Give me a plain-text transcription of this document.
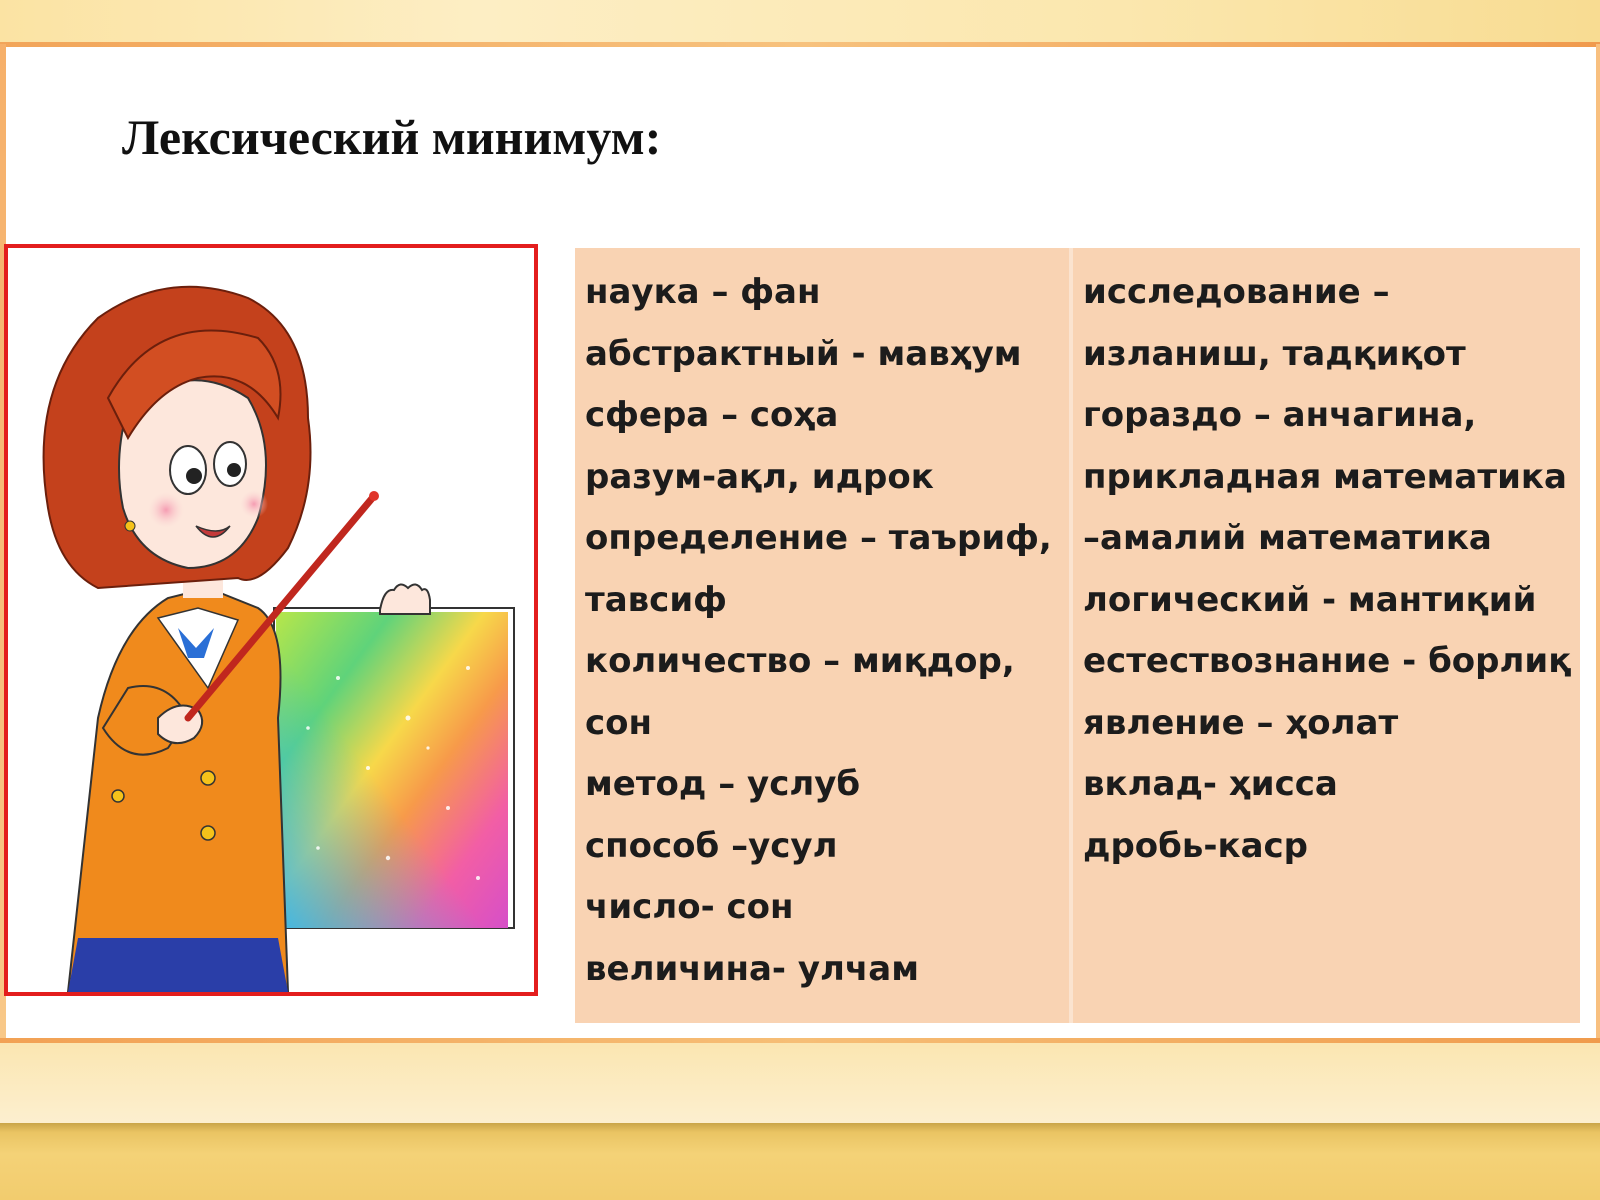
Лексический минимум:
наука – фан
абстрактный - мавҳум
сфера – соҳа
разум-ақл, идрок
определение – таъриф,
тавсиф
количество – миқдор,
сон
метод – услуб
способ –усул
число- сон
величина- улчам
исследование –
изланиш, тадқиқот
гораздо – анчагина,
прикладная математика
–амалий математика
логический - мантиқий
естествознание - борлиқ
явление – ҳолат
вклад- ҳисса
дробь-каср
